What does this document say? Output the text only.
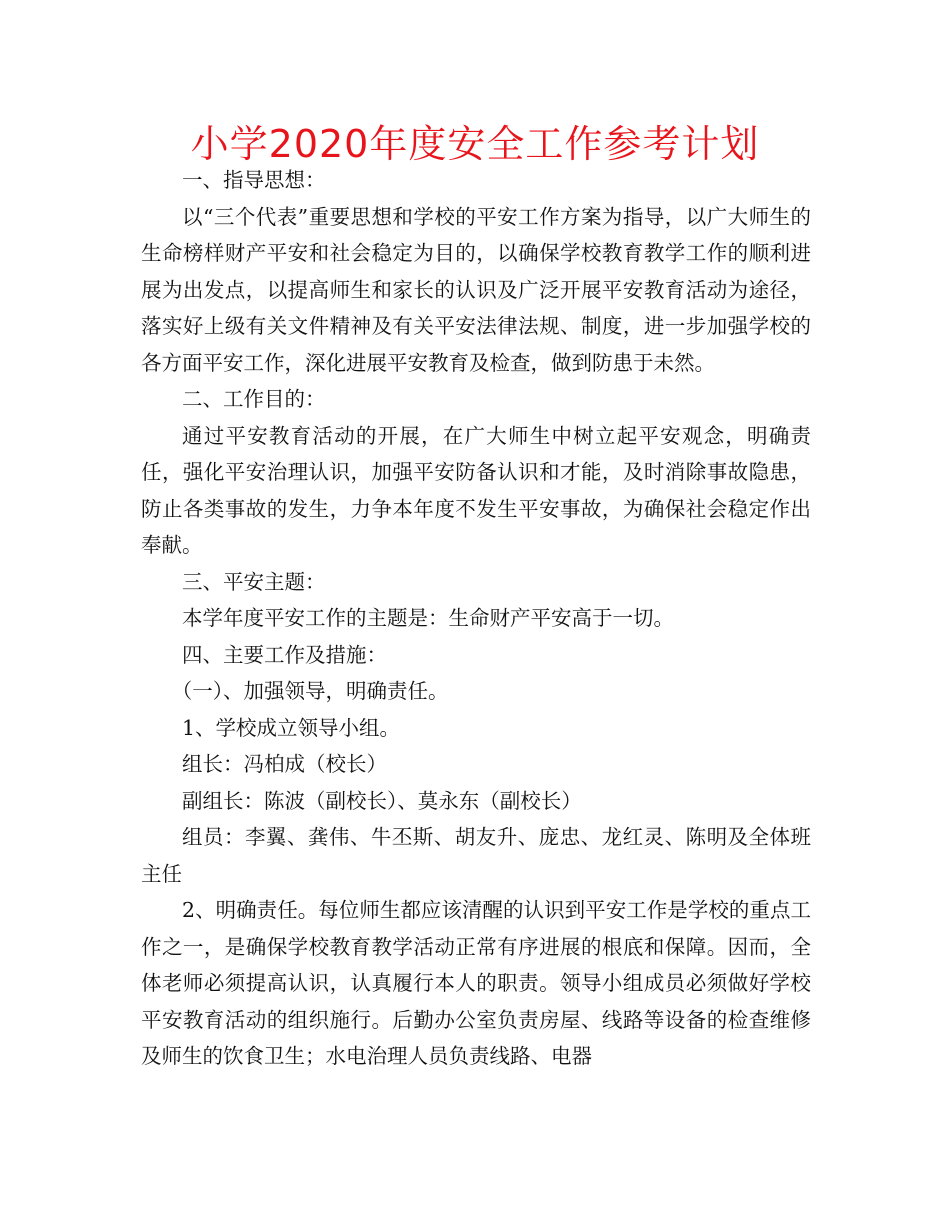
小学2020年度安全工作参考计划

一、指导思想：

以“三个代表”重要思想和学校的平安工作方案为指导，以广大师生的生命榜样财产平安和社会稳定为目的，以确保学校教育教学工作的顺利进展为出发点，以提高师生和家长的认识及广泛开展平安教育活动为途径，落实好上级有关文件精神及有关平安法律法规、制度，进一步加强学校的各方面平安工作，深化进展平安教育及检查，做到防患于未然。

二、工作目的：

通过平安教育活动的开展，在广大师生中树立起平安观念，明确责任，强化平安治理认识，加强平安防备认识和才能，及时消除事故隐患，防止各类事故的发生，力争本年度不发生平安事故，为确保社会稳定作出奉献。

三、平安主题：

本学年度平安工作的主题是：生命财产平安高于一切。

四、主要工作及措施：

（一）、加强领导，明确责任。

1、学校成立领导小组。

组长：冯柏成（校长）

副组长：陈波（副校长）、莫永东（副校长）

组员：李翼、龚伟、牛丕斯、胡友升、庞忠、龙红灵、陈明及全体班主任

2、明确责任。每位师生都应该清醒的认识到平安工作是学校的重点工作之一，是确保学校教育教学活动正常有序进展的根底和保障。因而，全体老师必须提高认识，认真履行本人的职责。领导小组成员必须做好学校平安教育活动的组织施行。后勤办公室负责房屋、线路等设备的检查维修及师生的饮食卫生；水电治理人员负责线路、电器
